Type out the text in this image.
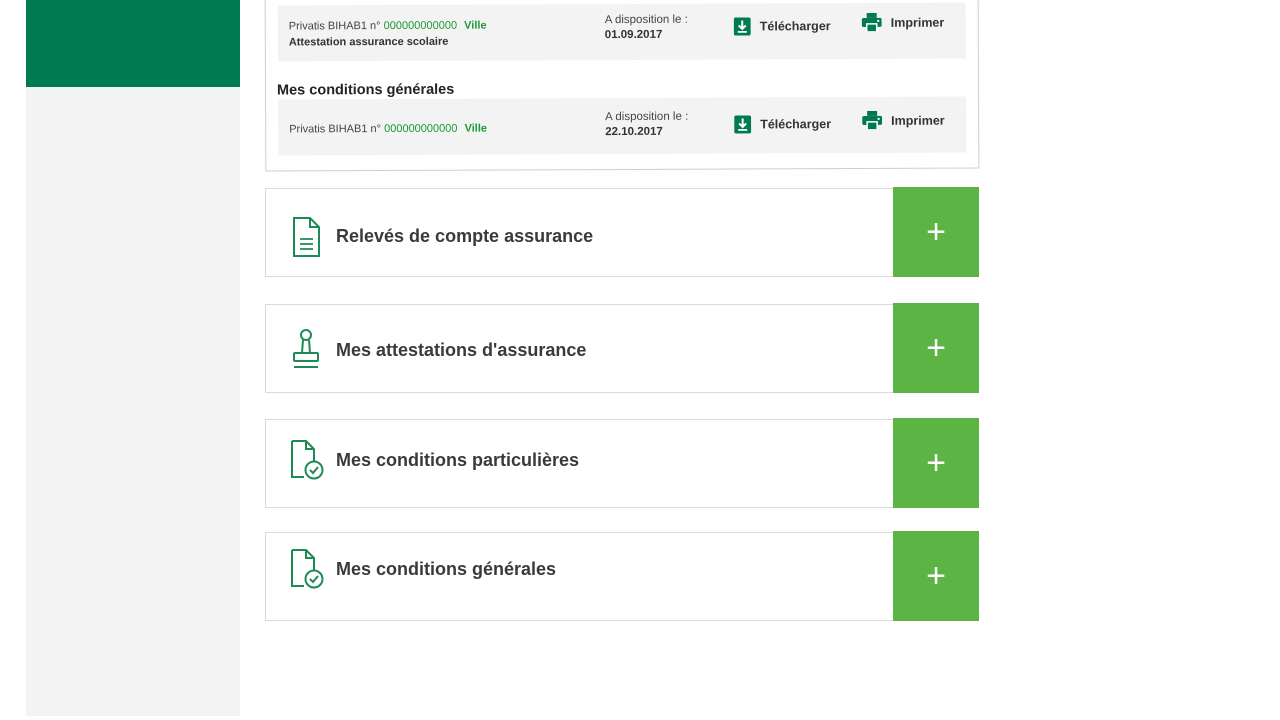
Privatis BIHAB1 n° 000000000000 Ville
Attestation assurance scolaire
A disposition le :
01.09.2017
Télécharger	Imprimer
Mes conditions générales
Privatis BIHAB1 n° 000000000000 Ville
A disposition le :
22.10.2017
Télécharger	Imprimer
Relevés de compte assurance	+
Mes attestations d'assurance	+
Mes conditions particulières	+
Mes conditions générales	+
